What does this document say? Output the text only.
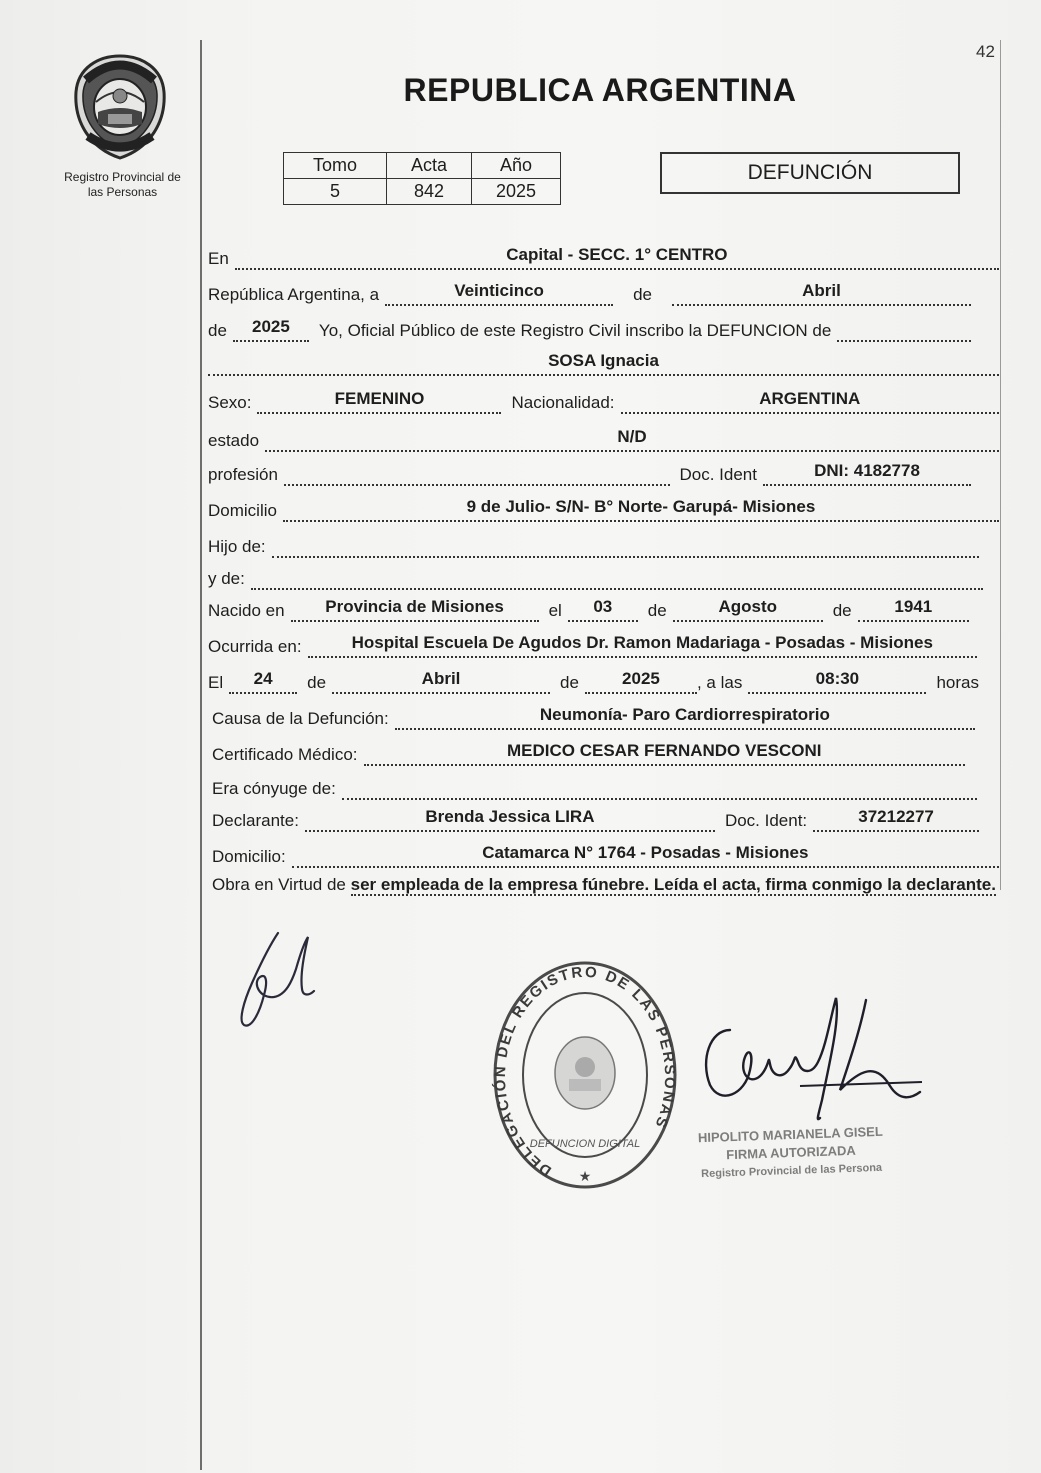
42
Registro Provincial de
las Personas
REPUBLICA ARGENTINA
Tomo	Acta	Año
5	842	2025
DEFUNCIÓN
En	Capital - SECC. 1° CENTRO
República Argentina, a	Veinticinco	de	Abril
de	2025	Yo, Oficial Público de este Registro Civil inscribo la DEFUNCION de
SOSA Ignacia
Sexo:	FEMENINO	Nacionalidad:	ARGENTINA
estado	N/D
profesión	Doc. Ident	DNI: 4182778
Domicilio	9 de Julio- S/N- B° Norte- Garupá- Misiones
Hijo de:
y de:
Nacido en	Provincia de Misiones	el	03	de	Agosto	de	1941
Ocurrida en:	Hospital Escuela De Agudos Dr. Ramon Madariaga - Posadas - Misiones
El	24	de	Abril	de	2025	, a las	08:30	horas
Causa de la Defunción:	Neumonía- Paro Cardiorrespiratorio
Certificado Médico:	MEDICO CESAR FERNANDO VESCONI
Era cónyuge de:
Declarante:	Brenda Jessica LIRA	Doc. Ident:	37212277
Domicilio:	Catamarca N° 1764 - Posadas - Misiones
Obra en Virtud de ser empleada de la empresa fúnebre. Leída el acta, firma conmigo la declarante.
DELEGACIÓN DEL REGISTRO DE LAS PERSONAS
DEFUNCION DIGITAL
★
HIPOLITO MARIANELA GISEL
FIRMA AUTORIZADA
Registro Provincial de las Persona
